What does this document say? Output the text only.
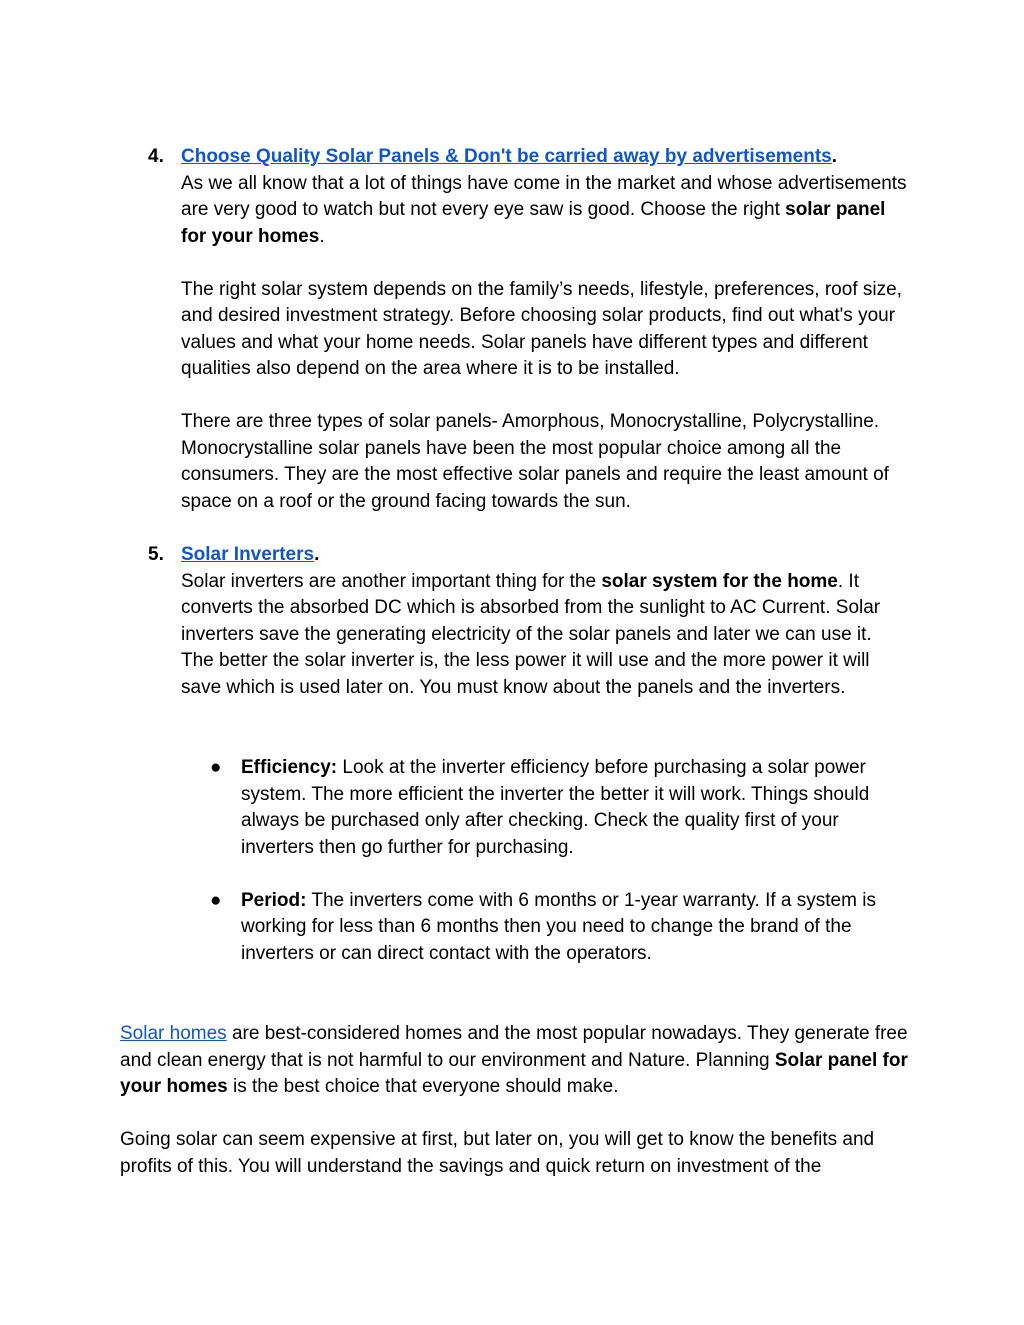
4. Choose Quality Solar Panels & Don't be carried away by advertisements.

As we all know that a lot of things have come in the market and whose advertisements are very good to watch but not every eye saw is good. Choose the right solar panel for your homes.

The right solar system depends on the family’s needs, lifestyle, preferences, roof size, and desired investment strategy. Before choosing solar products, find out what's your values and what your home needs. Solar panels have different types and different qualities also depend on the area where it is to be installed.

There are three types of solar panels- Amorphous, Monocrystalline, Polycrystalline. Monocrystalline solar panels have been the most popular choice among all the consumers. They are the most effective solar panels and require the least amount of space on a roof or the ground facing towards the sun.

5. Solar Inverters.

Solar inverters are another important thing for the solar system for the home. It converts the absorbed DC which is absorbed from the sunlight to AC Current. Solar inverters save the generating electricity of the solar panels and later we can use it. The better the solar inverter is, the less power it will use and the more power it will save which is used later on. You must know about the panels and the inverters.

● Efficiency: Look at the inverter efficiency before purchasing a solar power system. The more efficient the inverter the better it will work. Things should always be purchased only after checking. Check the quality first of your inverters then go further for purchasing.
● Period: The inverters come with 6 months or 1-year warranty. If a system is working for less than 6 months then you need to change the brand of the inverters or can direct contact with the operators.

Solar homes are best-considered homes and the most popular nowadays. They generate free and clean energy that is not harmful to our environment and Nature. Planning Solar panel for your homes is the best choice that everyone should make.

Going solar can seem expensive at first, but later on, you will get to know the benefits and profits of this. You will understand the savings and quick return on investment of the
